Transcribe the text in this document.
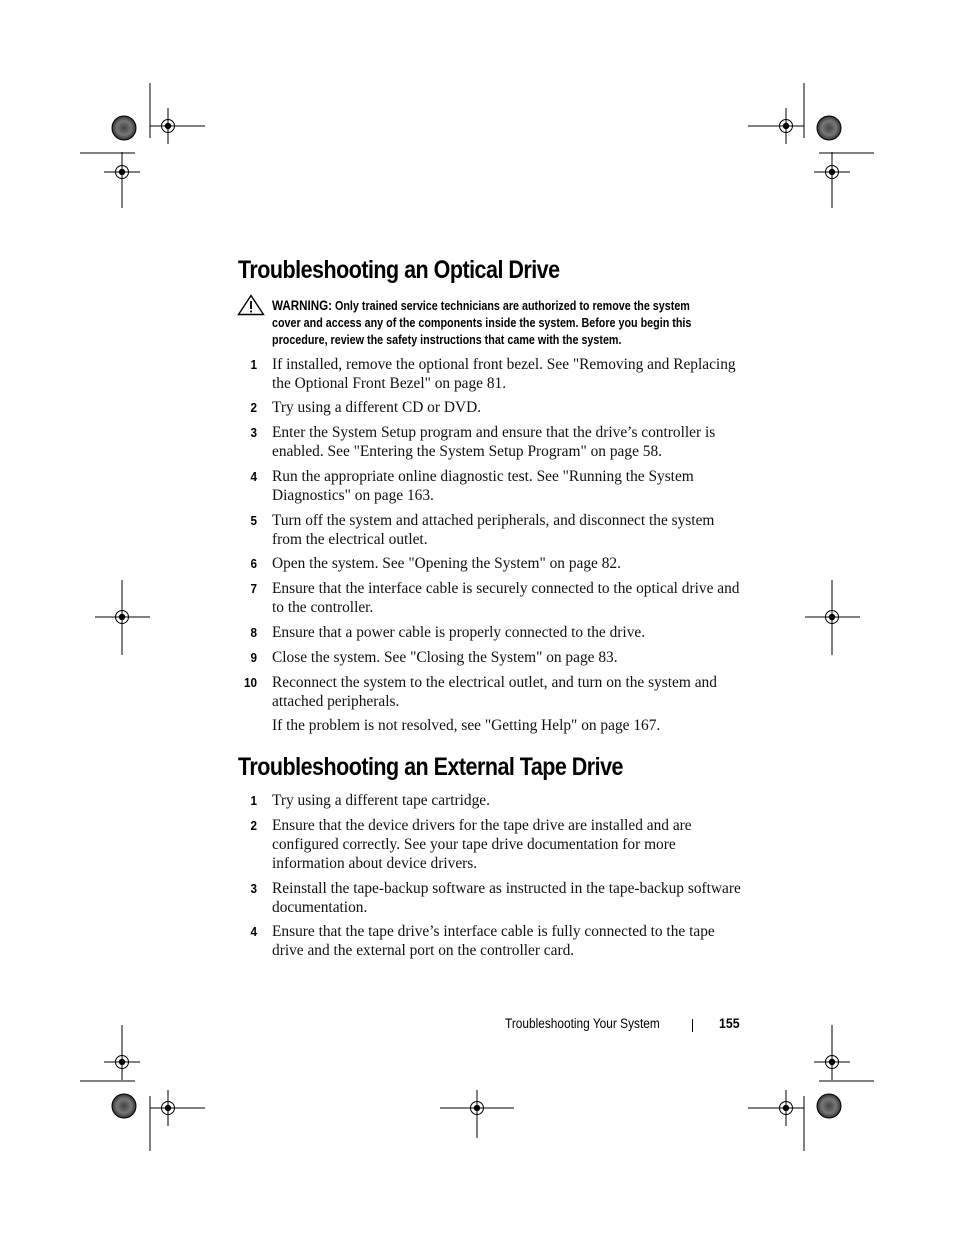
Troubleshooting an Optical Drive
WARNING: Only trained service technicians are authorized to remove the system cover and access any of the components inside the system. Before you begin this procedure, review the safety instructions that came with the system.
1 If installed, remove the optional front bezel. See "Removing and Replacing the Optional Front Bezel" on page 81.
2 Try using a different CD or DVD.
3 Enter the System Setup program and ensure that the drive’s controller is enabled. See "Entering the System Setup Program" on page 58.
4 Run the appropriate online diagnostic test. See "Running the System Diagnostics" on page 163.
5 Turn off the system and attached peripherals, and disconnect the system from the electrical outlet.
6 Open the system. See "Opening the System" on page 82.
7 Ensure that the interface cable is securely connected to the optical drive and to the controller.
8 Ensure that a power cable is properly connected to the drive.
9 Close the system. See "Closing the System" on page 83.
10 Reconnect the system to the electrical outlet, and turn on the system and attached peripherals.
If the problem is not resolved, see "Getting Help" on page 167.
Troubleshooting an External Tape Drive
1 Try using a different tape cartridge.
2 Ensure that the device drivers for the tape drive are installed and are configured correctly. See your tape drive documentation for more information about device drivers.
3 Reinstall the tape-backup software as instructed in the tape-backup software documentation.
4 Ensure that the tape drive’s interface cable is fully connected to the tape drive and the external port on the controller card.
Troubleshooting Your System	155
